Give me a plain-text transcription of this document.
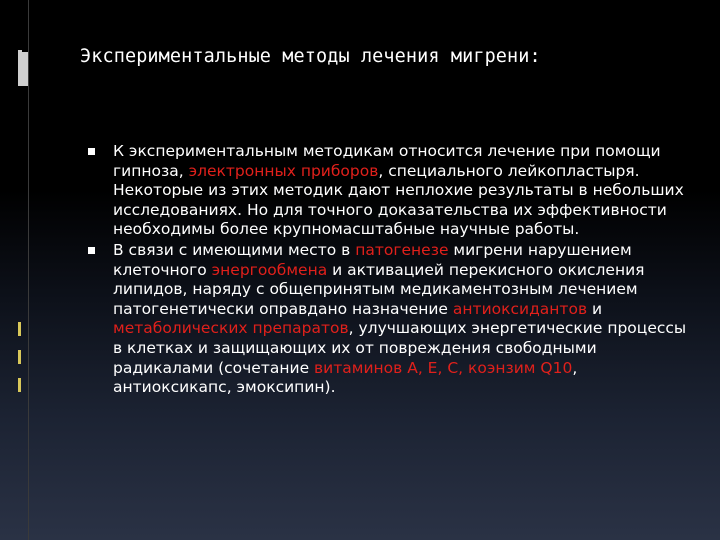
Экспериментальные методы лечения мигрени:
К экспериментальным методикам относится лечение при помощи гипноза, электронных приборов, специального лейкопластыря. Некоторые из этих методик дают неплохие результаты в небольших исследованиях. Но для точного доказательства их эффективности необходимы более крупномасштабные научные работы.
В связи с имеющими место в патогенезе мигрени нарушением клеточного энергообмена и активацией перекисного окисления липидов, наряду с общепринятым медикаментозным лечением патогенетически оправдано назначение антиоксидантов и метаболических препаратов, улучшающих энергетические процессы в клетках и защищающих их от повреждения свободными радикалами (сочетание витаминов А, Е, С, коэнзим Q10, антиоксикапс, эмоксипин).
